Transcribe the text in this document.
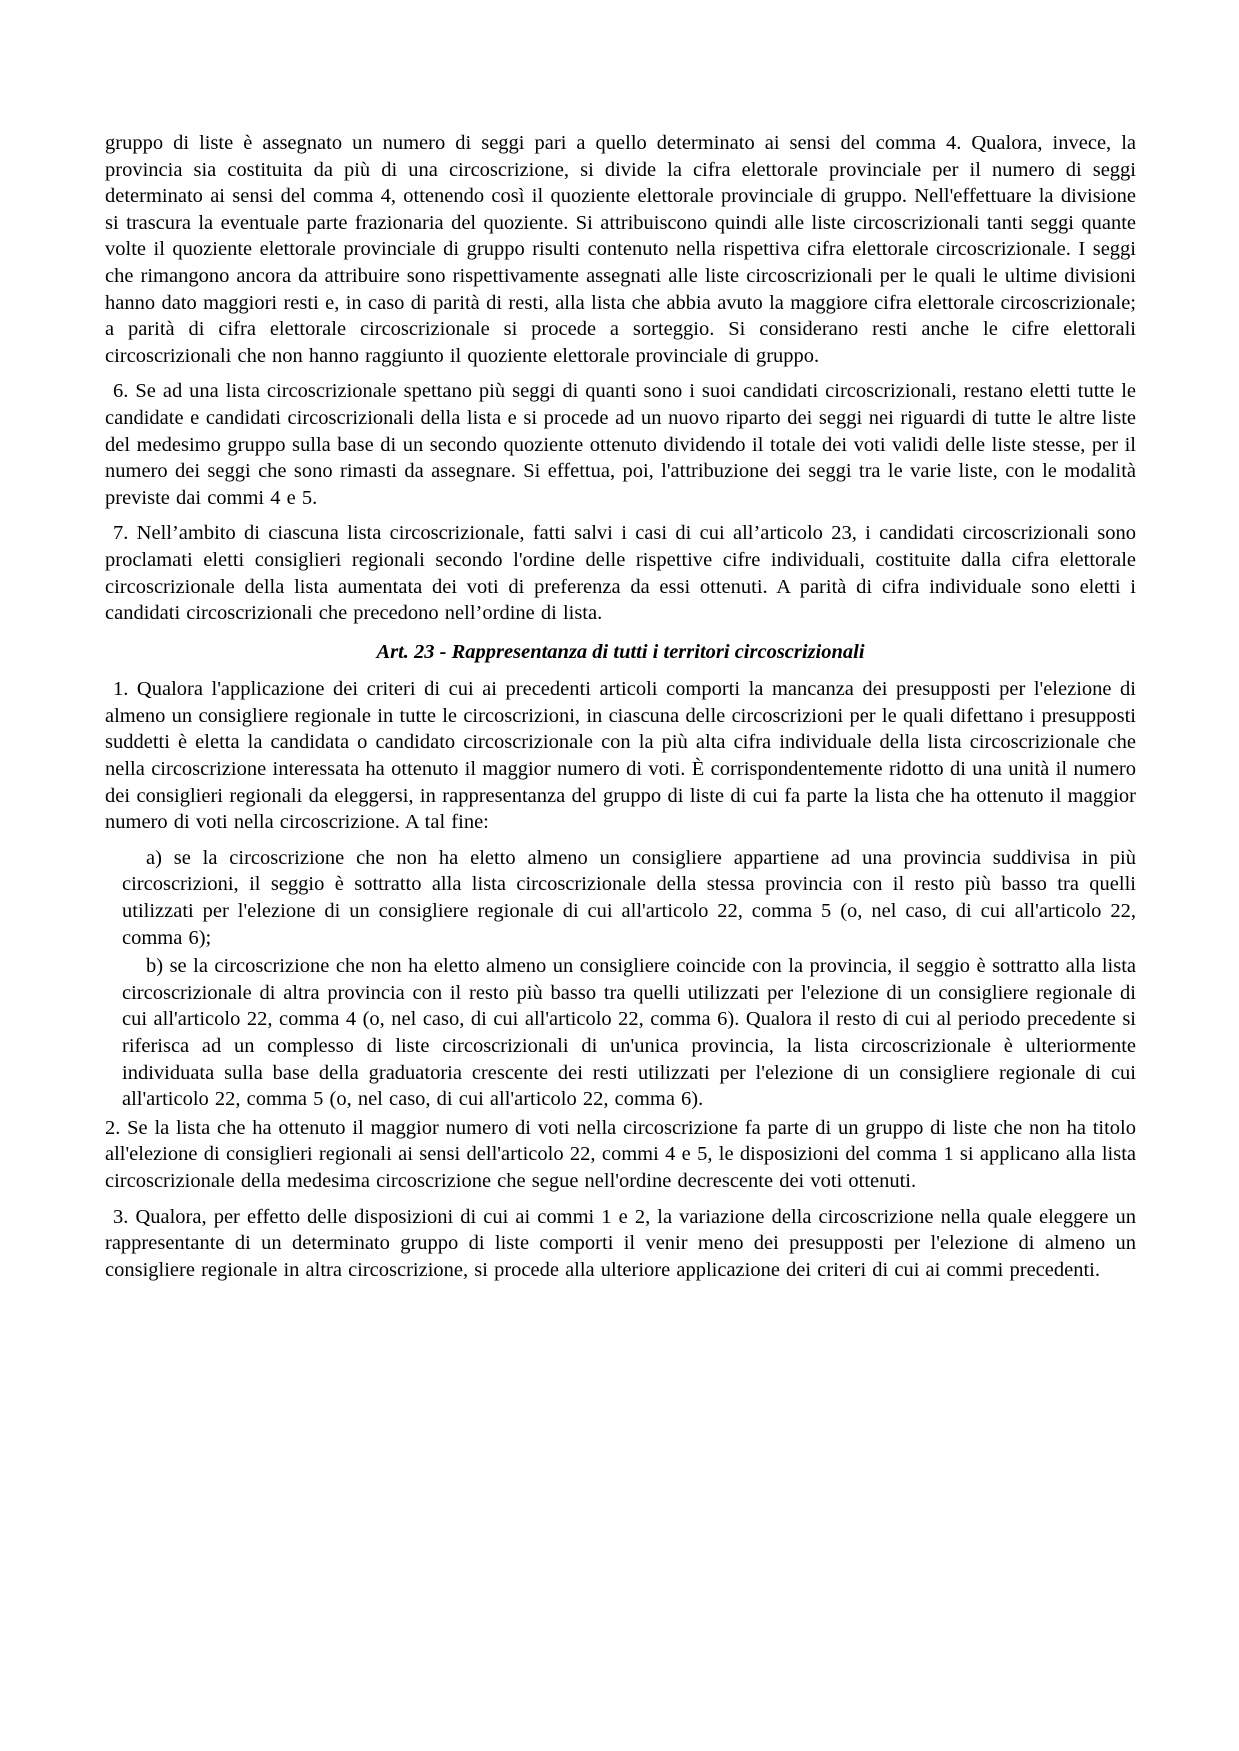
gruppo di liste è assegnato un numero di seggi pari a quello determinato ai sensi del comma 4. Qualora, invece, la provincia sia costituita da più di una circoscrizione, si divide la cifra elettorale provinciale per il numero di seggi determinato ai sensi del comma 4, ottenendo così il quoziente elettorale provinciale di gruppo. Nell'effettuare la divisione si trascura la eventuale parte frazionaria del quoziente. Si attribuiscono quindi alle liste circoscrizionali tanti seggi quante volte il quoziente elettorale provinciale di gruppo risulti contenuto nella rispettiva cifra elettorale circoscrizionale. I seggi che rimangono ancora da attribuire sono rispettivamente assegnati alle liste circoscrizionali per le quali le ultime divisioni hanno dato maggiori resti e, in caso di parità di resti, alla lista che abbia avuto la maggiore cifra elettorale circoscrizionale; a parità di cifra elettorale circoscrizionale si procede a sorteggio. Si considerano resti anche le cifre elettorali circoscrizionali che non hanno raggiunto il quoziente elettorale provinciale di gruppo.

6. Se ad una lista circoscrizionale spettano più seggi di quanti sono i suoi candidati circoscrizionali, restano eletti tutte le candidate e candidati circoscrizionali della lista e si procede ad un nuovo riparto dei seggi nei riguardi di tutte le altre liste del medesimo gruppo sulla base di un secondo quoziente ottenuto dividendo il totale dei voti validi delle liste stesse, per il numero dei seggi che sono rimasti da assegnare. Si effettua, poi, l'attribuzione dei seggi tra le varie liste, con le modalità previste dai commi 4 e 5.

7. Nell’ambito di ciascuna lista circoscrizionale, fatti salvi i casi di cui all’articolo 23, i candidati circoscrizionali sono proclamati eletti consiglieri regionali secondo l'ordine delle rispettive cifre individuali, costituite dalla cifra elettorale circoscrizionale della lista aumentata dei voti di preferenza da essi ottenuti. A parità di cifra individuale sono eletti i candidati circoscrizionali che precedono nell’ordine di lista.

Art. 23 - Rappresentanza di tutti i territori circoscrizionali

1. Qualora l'applicazione dei criteri di cui ai precedenti articoli comporti la mancanza dei presupposti per l'elezione di almeno un consigliere regionale in tutte le circoscrizioni, in ciascuna delle circoscrizioni per le quali difettano i presupposti suddetti è eletta la candidata o candidato circoscrizionale con la più alta cifra individuale della lista circoscrizionale che nella circoscrizione interessata ha ottenuto il maggior numero di voti. È corrispondentemente ridotto di una unità il numero dei consiglieri regionali da eleggersi, in rappresentanza del gruppo di liste di cui fa parte la lista che ha ottenuto il maggior numero di voti nella circoscrizione. A tal fine:

a) se la circoscrizione che non ha eletto almeno un consigliere appartiene ad una provincia suddivisa in più circoscrizioni, il seggio è sottratto alla lista circoscrizionale della stessa provincia con il resto più basso tra quelli utilizzati per l'elezione di un consigliere regionale di cui all'articolo 22, comma 5 (o, nel caso, di cui all'articolo 22, comma 6);

b) se la circoscrizione che non ha eletto almeno un consigliere coincide con la provincia, il seggio è sottratto alla lista circoscrizionale di altra provincia con il resto più basso tra quelli utilizzati per l'elezione di un consigliere regionale di cui all'articolo 22, comma 4 (o, nel caso, di cui all'articolo 22, comma 6). Qualora il resto di cui al periodo precedente si riferisca ad un complesso di liste circoscrizionali di un'unica provincia, la lista circoscrizionale è ulteriormente individuata sulla base della graduatoria crescente dei resti utilizzati per l'elezione di un consigliere regionale di cui all'articolo 22, comma 5 (o, nel caso, di cui all'articolo 22, comma 6).

2. Se la lista che ha ottenuto il maggior numero di voti nella circoscrizione fa parte di un gruppo di liste che non ha titolo all'elezione di consiglieri regionali ai sensi dell'articolo 22, commi 4 e 5, le disposizioni del comma 1 si applicano alla lista circoscrizionale della medesima circoscrizione che segue nell'ordine decrescente dei voti ottenuti.

3. Qualora, per effetto delle disposizioni di cui ai commi 1 e 2, la variazione della circoscrizione nella quale eleggere un rappresentante di un determinato gruppo di liste comporti il venir meno dei presupposti per l'elezione di almeno un consigliere regionale in altra circoscrizione, si procede alla ulteriore applicazione dei criteri di cui ai commi precedenti.
